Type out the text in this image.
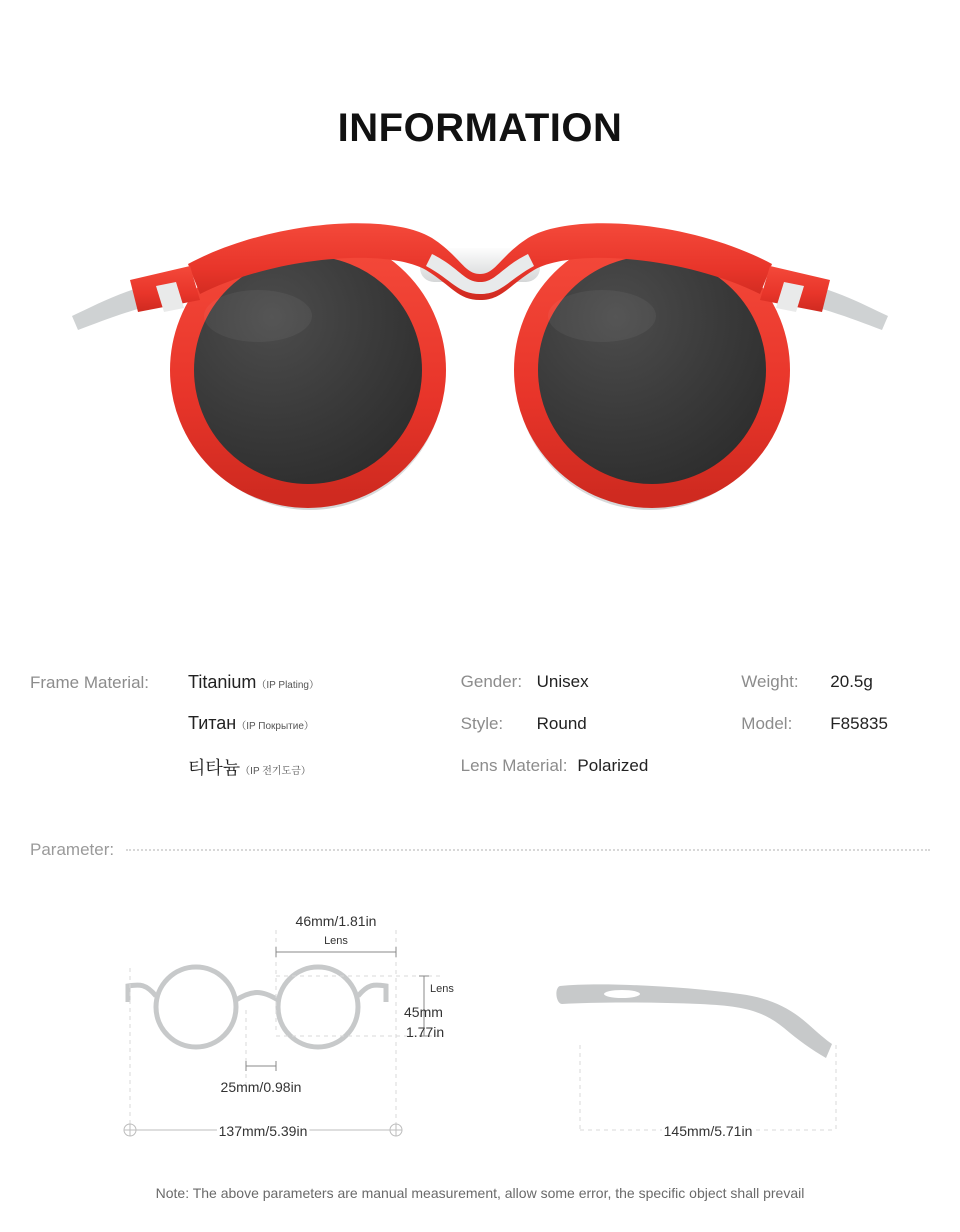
INFORMATION
Frame Material:	Titanium （IP Plating）

Титан （IP Покрытие）

티타늄 （IP 전기도금）
Gender: Unisex
Style:	Round
Lens Material: Polarized
Weight:	20.5g
Model:	F85835
Parameter:
46mm/1.81in
Lens
Lens
45mm
1.77in
25mm/0.98in
137mm/5.39in	145mm/5.71in
Note: The above parameters are manual measurement, allow some error, the specific object shall prevail
